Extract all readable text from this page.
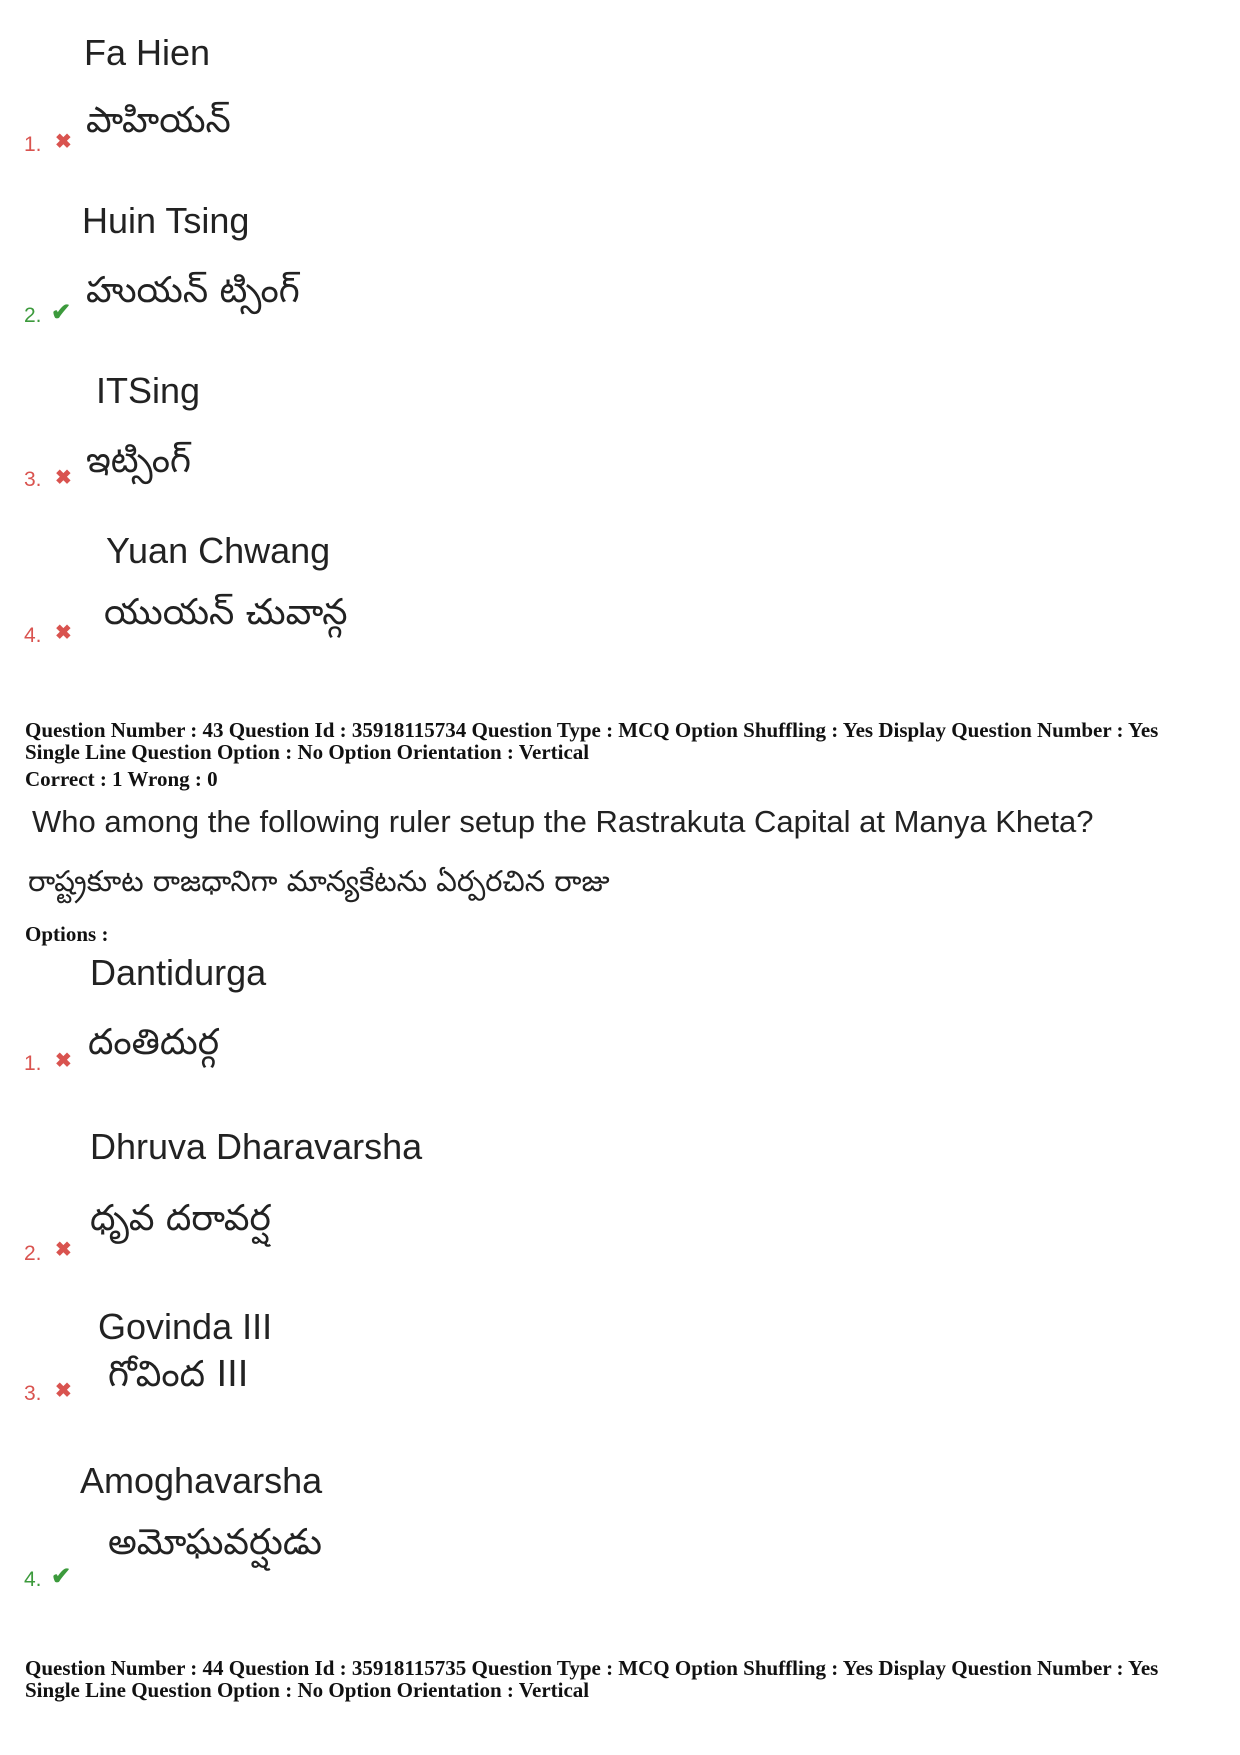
Fa Hien
పాహియన్
1. ✖
Huin Tsing
హుయన్ ట్సింగ్
2. ✔
ITSing
ఇట్సింగ్
3. ✖
Yuan Chwang
యుయన్ చువాన్గ
4. ✖
Question Number : 43 Question Id : 35918115734 Question Type : MCQ Option Shuffling : Yes Display Question Number : Yes
Single Line Question Option : No Option Orientation : Vertical
Correct : 1 Wrong : 0
Who among the following ruler setup the Rastrakuta Capital at Manya Kheta?
రాష్ట్రకూట రాజధానిగా మాన్యకేటను ఏర్పరచిన రాజు
Options :
Dantidurga
దంతిదుర్గ
1. ✖
Dhruva Dharavarsha
ధృవ దరావర్ష
2. ✖
Govinda III
గోవింద III
3. ✖
Amoghavarsha
అమోఘవర్షుడు
4. ✔
Question Number : 44 Question Id : 35918115735 Question Type : MCQ Option Shuffling : Yes Display Question Number : Yes
Single Line Question Option : No Option Orientation : Vertical
